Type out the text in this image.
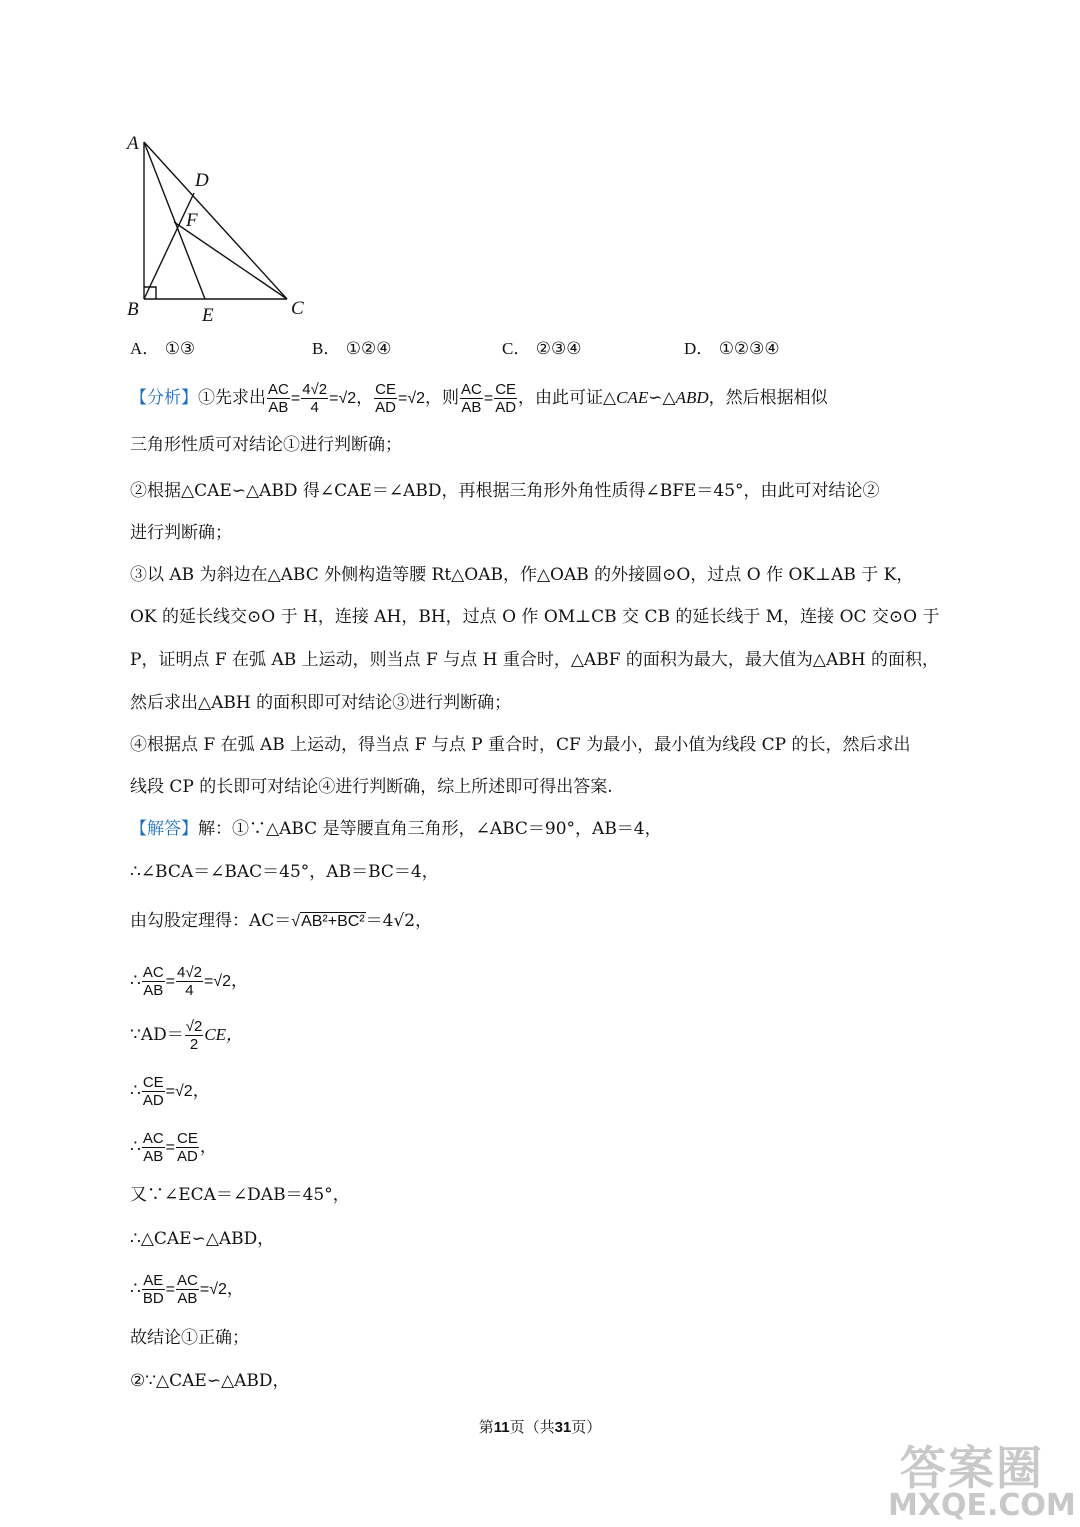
A
D
F
B	E	C
A． ①③	B． ①②④	C． ②③④	D． ①②③④
【分析】①先求出 $\frac{AC}{AB} = \frac{4√2}{4} =√2$， $\frac{CE}{AD} =√2$，则 $\frac{AC}{AB} = \frac{CE}{AD}$ ，由此可证△CAE∽△ABD，然后根据相似
三角形性质可对结论①进行判断确；
②根据△CAE∽△ABD 得∠CAE＝∠ABD，再根据三角形外角性质得∠BFE＝45°，由此可对结论②
进行判断确；
③以 AB 为斜边在△ABC 外侧构造等腰 Rt△OAB，作△OAB 的外接圆⊙O，过点 O 作 OK⊥AB 于 K，
OK 的延长线交⊙O 于 H，连接 AH，BH，过点 O 作 OM⊥CB 交 CB 的延长线于 M，连接 OC 交⊙O 于
P，证明点 F 在弧 AB 上运动，则当点 F 与点 H 重合时，△ABF 的面积为最大，最大值为△ABH 的面积，
然后求出△ABH 的面积即可对结论③进行判断确；
④根据点 F 在弧 AB 上运动，得当点 F 与点 P 重合时，CF 为最小，最小值为线段 CP 的长，然后求出
线段 CP 的长即可对结论④进行判断确，综上所述即可得出答案.
【解答】解：①∵△ABC 是等腰直角三角形，∠ABC＝90°，AB＝4，
∴∠BCA＝∠BAC＝45°，AB＝BC＝4，
由勾股定理得：AC＝√AB²+BC²＝4√2，
∴ $\frac{AC}{AB} = \frac{4√2}{4} =√2$，
∵AD＝ $\frac{√2}{2}$ CE，
∴ $\frac{CE}{AD} =√2$，
∴ $\frac{AC}{AB} = \frac{CE}{AD}$ ，
又∵∠ECA＝∠DAB＝45°，
∴△CAE∽△ABD，
∴ $\frac{AE}{BD} = \frac{AC}{AB} =√2$，
故结论①正确；
②∵△CAE∽△ABD，
第11页（共31页）
答案圈
MXQE.COM
